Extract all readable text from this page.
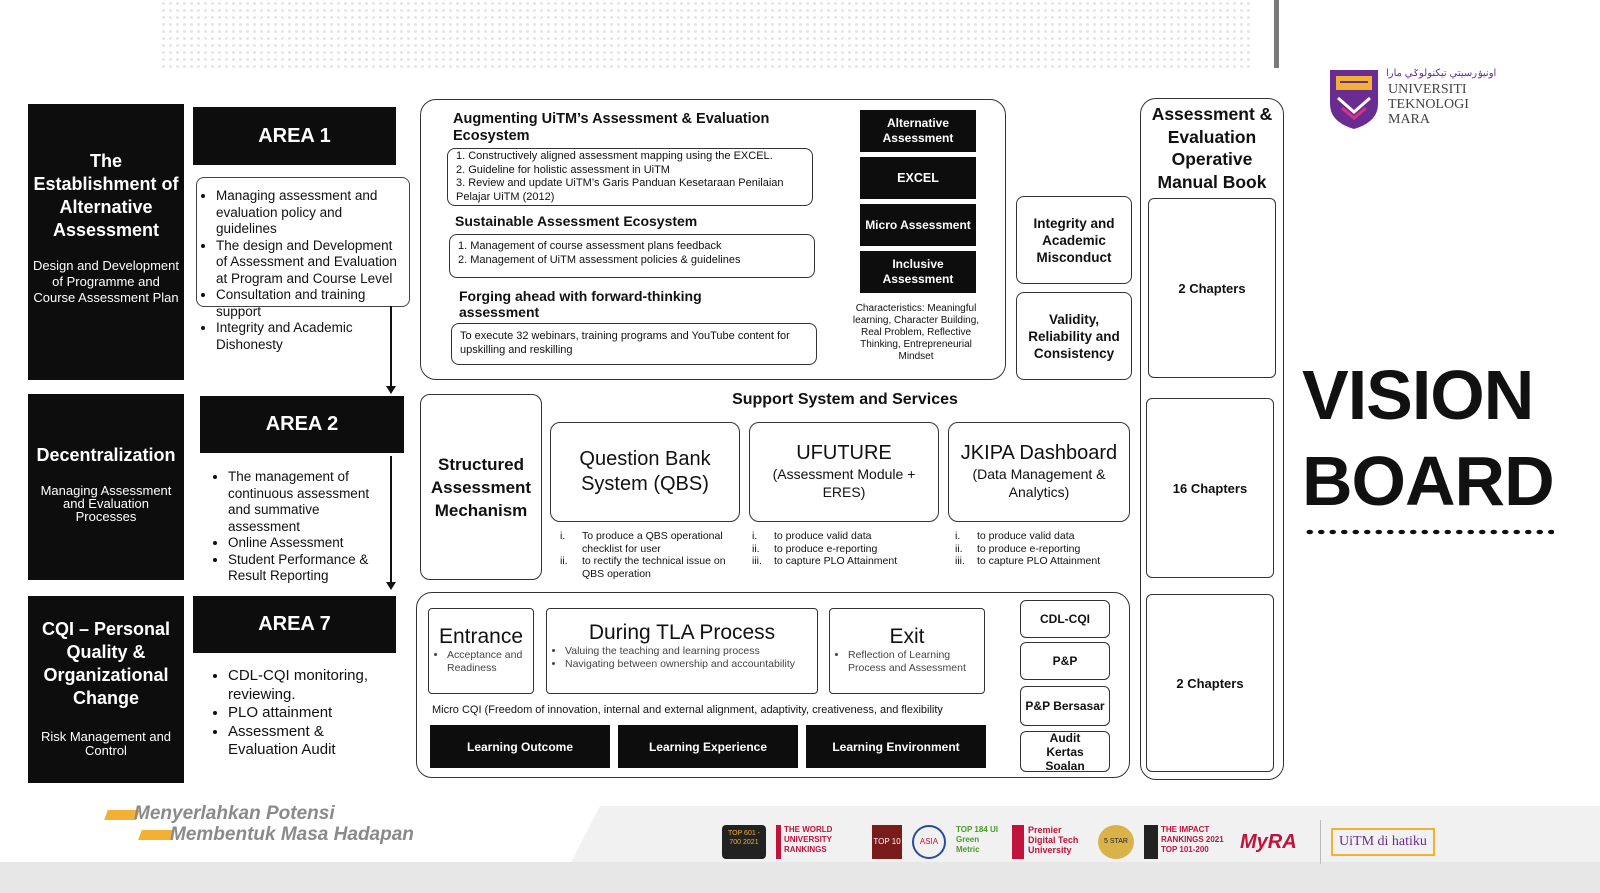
The Establishment of Alternative Assessment
Design and Development of Programme and Course Assessment Plan
Decentralization
Managing Assessment and Evaluation Processes
CQI – Personal Quality & Organizational Change
Risk Management and Control
AREA 1
• Managing assessment and evaluation policy and guidelines
• The design and Development of Assessment and Evaluation at Program and Course Level
• Consultation and training support
• Integrity and Academic Dishonesty
AREA 2
• The management of continuous assessment and summative assessment
• Online Assessment
• Student Performance & Result Reporting
AREA 7
• CDL-CQI monitoring, reviewing.
• PLO attainment
• Assessment & Evaluation Audit
Augmenting UiTM’s Assessment & Evaluation Ecosystem
1. Constructively aligned assessment mapping using the EXCEL.
2. Guideline for holistic assessment in UiTM
3. Review and update UiTM’s Garis Panduan Kesetaraan Penilaian Pelajar UiTM (2012)
Sustainable Assessment Ecosystem
1. Management of course assessment plans feedback
2. Management of UiTM assessment policies & guidelines
Forging ahead with forward-thinking assessment
To execute 32 webinars, training programs and YouTube content for upskilling and reskilling
Alternative Assessment
EXCEL
Micro Assessment
Inclusive Assessment
Characteristics: Meaningful learning, Character Building, Real Problem, Reflective Thinking, Entrepreneurial Mindset
Integrity and Academic Misconduct
Validity, Reliability and Consistency
Support System and Services
Structured Assessment Mechanism
Question Bank System (QBS)
i.	To produce a QBS operational checklist for user
ii.	to rectify the technical issue on QBS operation
UFUTURE
(Assessment Module + ERES)
i.	to produce valid data
ii.	to produce e-reporting
iii.	to capture PLO Attainment
JKIPA Dashboard
(Data Management & Analytics)
i.	to produce valid data
ii.	to produce e-reporting
iii.	to capture PLO Attainment
Entrance
• Acceptance and Readiness
During TLA Process
• Valuing the teaching and learning process
• Navigating between ownership and accountability
Exit
• Reflection of Learning Process and Assessment
Micro CQI (Freedom of innovation, internal and external alignment, adaptivity, creativeness, and flexibility
Learning Outcome	Learning Experience	Learning Environment
CDL-CQI
P&P
P&P Bersasar
Audit Kertas Soalan
Assessment & Evaluation Operative Manual Book
2 Chapters
16 Chapters
2 Chapters
اونيۏرسيتي تيکنولوݢي مارا
UNIVERSITI
TEKNOLOGI
MARA
VISION
BOARD
Menyerlahkan Potensi
Membentuk Masa Hadapan	TOP 601 - 700 2021
THE WORLD UNIVERSITY RANKINGS
TOP 10	ASIA
TOP 184 UI Green Metric
Premier Digital Tech University
5 STAR
THE IMPACT RANKINGS 2021 TOP 101-200	MyRA	UiTM di hatiku
